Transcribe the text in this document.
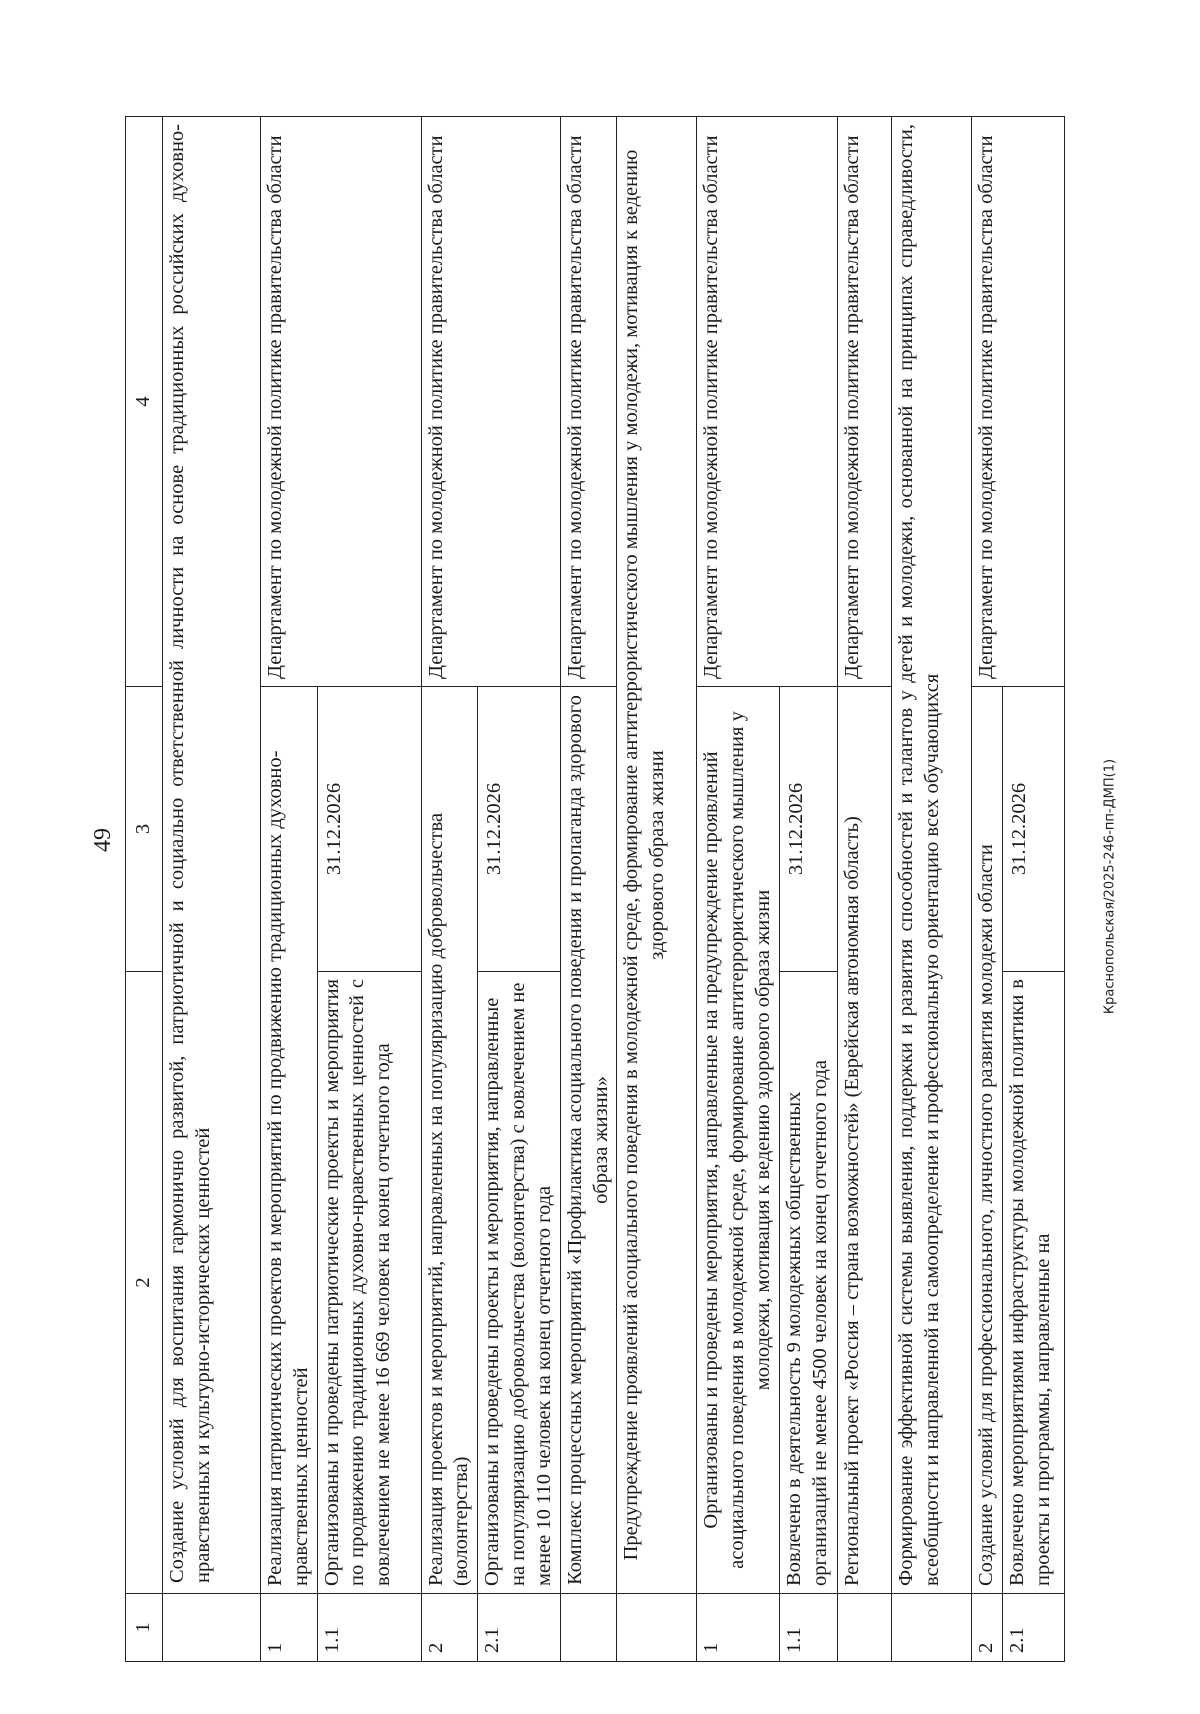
49
1	2	3	4
	Создание условий для воспитания гармонично развитой, патриотичной и социально ответственной личности на основе традиционных российских духовно-нравственных и культурно-исторических ценностей		
1	Реализация патриотических проектов и мероприятий по продвижению традиционных духовно-нравственных ценностей		Департамент по молодежной политике правительства области
1.1	Организованы и проведены патриотические проекты и мероприятия по продвижению традиционных духовно-нравственных ценностей с вовлечением не менее 16 669 человек на конец отчетного года	31.12.2026	
2	Реализация проектов и мероприятий, направленных на популяризацию добровольчества (волонтерства)		Департамент по молодежной политике правительства области
2.1	Организованы и проведены проекты и мероприятия, направленные на популяризацию добровольчества (волонтерства) с вовлечением не менее 10 110 человек на конец отчетного года	31.12.2026	
	Комплекс процессных мероприятий «Профилактика асоциального поведения и пропаганда здорового образа жизни»		Департамент по молодежной политике правительства области
	Предупреждение проявлений асоциального поведения в молодежной среде, формирование антитеррористического мышления у молодежи, мотивация к ведению здорового образа жизни		
1	Организованы и проведены мероприятия, направленные на предупреждение проявлений асоциального поведения в молодежной среде, формирование антитеррористического мышления у молодежи, мотивация к ведению здорового образа жизни		Департамент по молодежной политике правительства области
1.1	Вовлечено в деятельность 9 молодежных общественных организаций не менее 4500 человек на конец отчетного года	31.12.2026	
	Региональный проект «Россия – страна возможностей» (Еврейская автономная область)		Департамент по молодежной политике правительства области
	Формирование эффективной системы выявления, поддержки и развития способностей и талантов у детей и молодежи, основанной на принципах справедливости, всеобщности и направленной на самоопределение и профессиональную ориентацию всех обучающихся		
2	Создание условий для профессионального, личностного развития молодежи области		Департамент по молодежной политике правительства области
2.1	Вовлечено мероприятиями инфраструктуры молодежной политики в проекты и программы, направленные на	31.12.2026		Краснопольская/2025-246-пп-ДМП(1)
